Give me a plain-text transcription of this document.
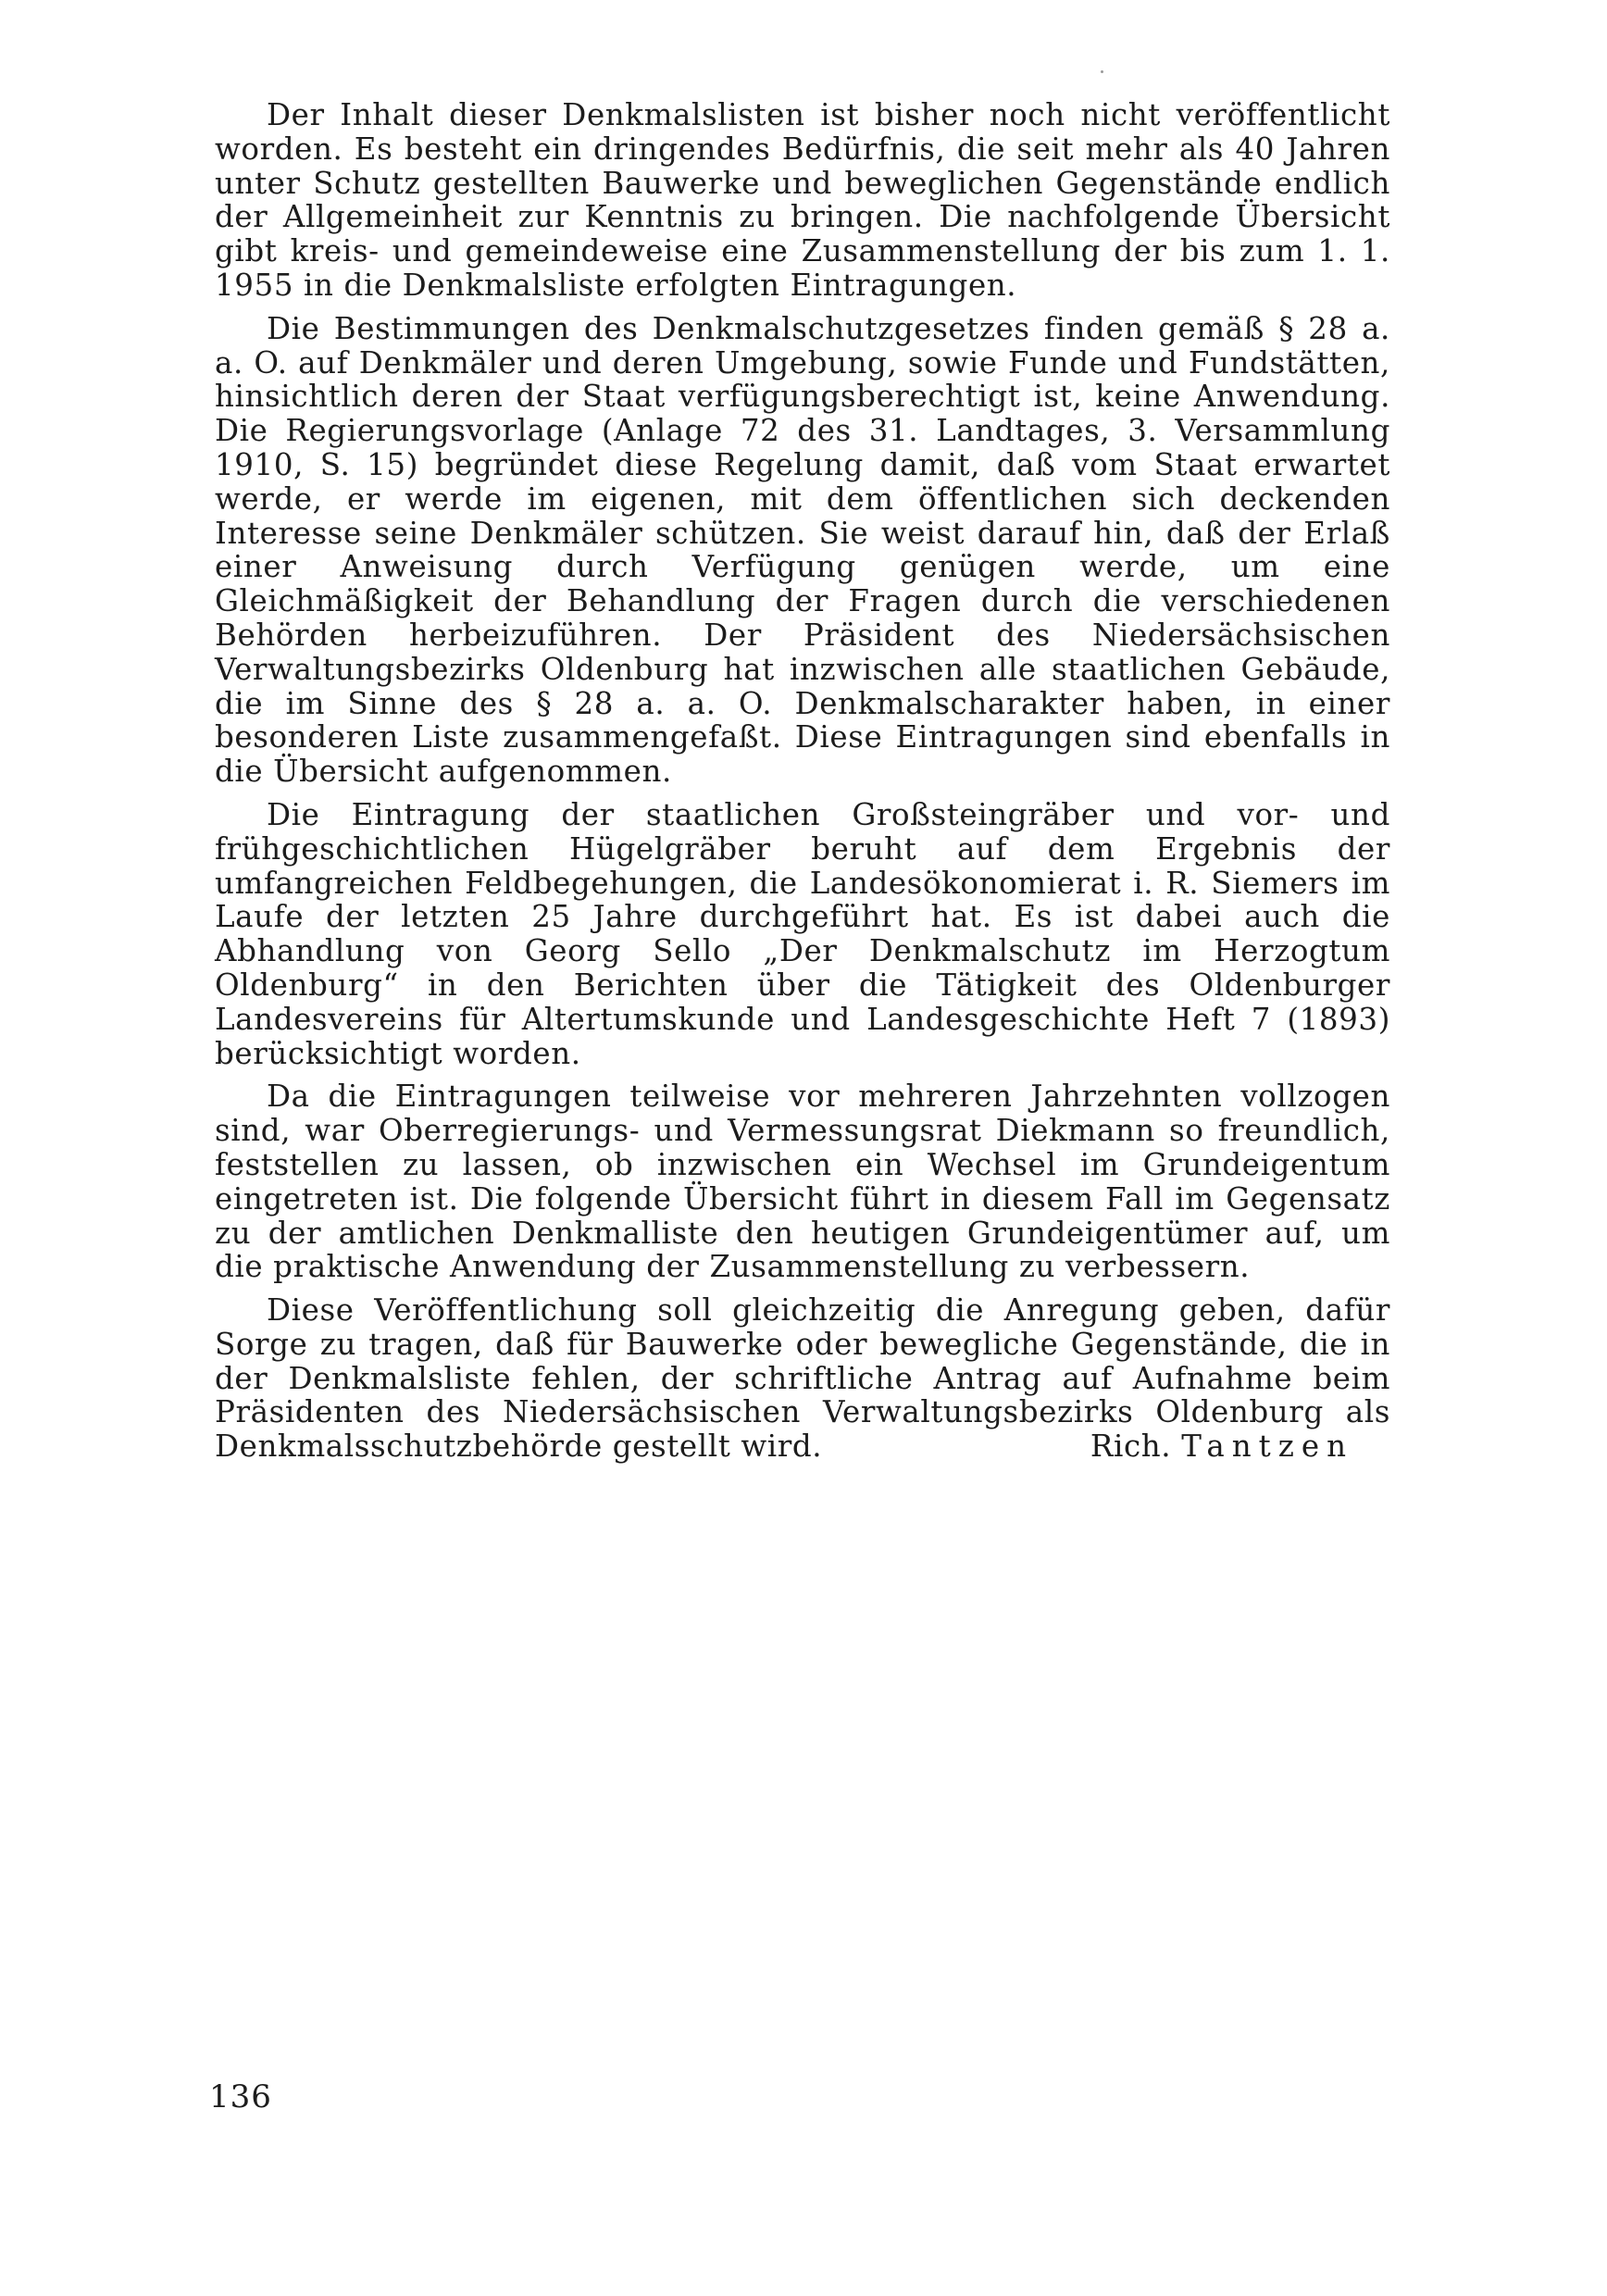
Der Inhalt dieser Denkmalslisten ist bisher noch nicht veröffentlicht worden. Es besteht ein dringendes Bedürfnis, die seit mehr als 40 Jahren unter Schutz gestellten Bauwerke und beweglichen Gegenstände endlich der Allgemeinheit zur Kenntnis zu bringen. Die nachfolgende Übersicht gibt kreis- und gemeindeweise eine Zusammenstellung der bis zum 1. 1. 1955 in die Denkmalsliste erfolgten Eintragungen.

Die Bestimmungen des Denkmalschutzgesetzes finden gemäß § 28 a. a. O. auf Denkmäler und deren Umgebung, sowie Funde und Fundstätten, hinsichtlich deren der Staat verfügungsberechtigt ist, keine Anwendung. Die Regierungsvorlage (Anlage 72 des 31. Landtages, 3. Versammlung 1910, S. 15) begründet diese Regelung damit, daß vom Staat erwartet werde, er werde im eigenen, mit dem öffentlichen sich deckenden Interesse seine Denkmäler schützen. Sie weist darauf hin, daß der Erlaß einer Anweisung durch Verfügung genügen werde, um eine Gleichmäßigkeit der Behandlung der Fragen durch die verschiedenen Behörden herbeizuführen. Der Präsident des Niedersächsischen Verwaltungsbezirks Oldenburg hat inzwischen alle staatlichen Gebäude, die im Sinne des § 28 a. a. O. Denkmalscharakter haben, in einer besonderen Liste zusammengefaßt. Diese Eintragungen sind ebenfalls in die Übersicht aufgenommen.

Die Eintragung der staatlichen Großsteingräber und vor- und frühgeschichtlichen Hügelgräber beruht auf dem Ergebnis der umfangreichen Feldbegehungen, die Landesökonomierat i. R. Siemers im Laufe der letzten 25 Jahre durchgeführt hat. Es ist dabei auch die Abhandlung von Georg Sello „Der Denkmalschutz im Herzogtum Oldenburg“ in den Berichten über die Tätigkeit des Oldenburger Landesvereins für Altertumskunde und Landesgeschichte Heft 7 (1893) berücksichtigt worden.

Da die Eintragungen teilweise vor mehreren Jahrzehnten vollzogen sind, war Oberregierungs- und Vermessungsrat Diekmann so freundlich, feststellen zu lassen, ob inzwischen ein Wechsel im Grundeigentum eingetreten ist. Die folgende Übersicht führt in diesem Fall im Gegensatz zu der amtlichen Denkmalliste den heutigen Grundeigentümer auf, um die praktische Anwendung der Zusammenstellung zu verbessern.

Diese Veröffentlichung soll gleichzeitig die Anregung geben, dafür Sorge zu tragen, daß für Bauwerke oder bewegliche Gegenstände, die in der Denkmalsliste fehlen, der schriftliche Antrag auf Aufnahme beim Präsidenten des Niedersächsischen Verwaltungsbezirks Oldenburg als Denkmalsschutzbehörde gestellt wird.	Rich. Tantzen

136
